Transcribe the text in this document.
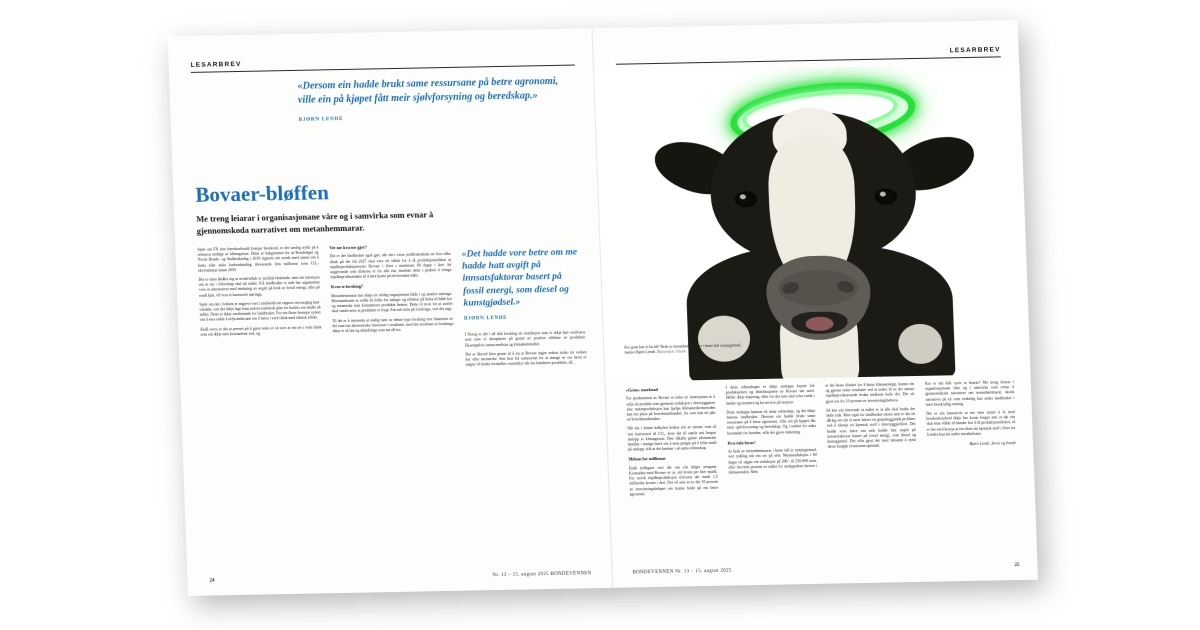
LESARBREV
«Dersom ein hadde brukt same ressursane på betre agronomi, ville ein på kjøpet fått meir sjølvforsyning og beredskap.»
BJØRN LENDE
Bovaer-bløffen
Me treng leiarar i organisasjonane våre og i samvirka som evnar å gjennomskoda narrativet om metanhemmarar.

Sjølv om FN sine bærekraftsmål fremjar berekraft, er det særleg trykk på å redusera utslepp av klimagassar. Dette er bakgrunnen for at Bondelaget og Norsk Bonde- og Småbrukarlag i 2019 signerte ein avtale med staten om å kutta eller auka karbonbinding tilsvarande fem millionar tonn CO₂-ekvivalentar innan 2030.

Det er enno åmåka seg at avtalevilkår er juridisk bindande, men ein intensjon om at ein i fellesskap skal nå målet. Frå landbruket si side har argumentet vore at alternativet med innføring av avgift på bruk av fossil energi, eller på raudt kjøt, vil vera ei katastrofe næringa.

Sjølv om det i forkant er angjeve vart i utarbeidd ein rapport om mogleg kutt-område, vart det ikkje lagt fram nokon realistisk plan for korleis ein skulle nå målet. Dette er ikkje einsbetande for landbruket. For ein fleire bransjar synest om å vera enkle å selja ambisane om å betra i verk tiltak med faktisk effekt.

Endå verre er det at presset på å gjera noko er så stort at ein ter i verk tiltak som ein ikkje ener kostnadene ved, og.

Vet me kva me gjer?

Det er det landbruket også gjer, når ein i visse jordbruksskala ser kva slike tiltak på det frå 2027 skal vera eit vilkår for å få produksjonstilskot at mjølkeproduksjonsytar Bovaer i fôret i minimum 60 dagar i året. Så angjevande som tilskotet er for alle ein, innebær dette i praksis å tvinga mjølkeprodusentane til å føra kyrne på ein bestemt måte.

Kven si forsking?

Metanhemmarar har skapt eit veldig engasjement både i og utanfor næringa. Motstandarane er redde til risiko for uskapt- og effektar på helsa til både kyr og menneska som konsumerer produkta hennar. Dette til trost for at stoffet skal vanda seier at produktet er trygt. Ein må stola på forskinga, vert det sagt.

Til det er å innvenda at stadig meir av denne typa forsking vert finansiert av dei som har økonomiske interesser i resultatet, med det resultatet at forskinga ikkje er så lite og uhindringa som me all tru.

«Det hadde vore betre om me hadde hatt avgift på innsatsfaktorar basert på fossil energi, som diesel og kunstgjødsel.»
BJØRN LENDE

I Noreg er det i all slik forsking eit restriksjon som vi ikkje kan verifisera, som som vi akseptterer på grunn av positive effektar av produktet. Eksempelvis innan medisin og klimahemmidtel.

Det er likevel liten grunn til å tru at Bovaer utgjer nokon risiko for verken kyr eller menneske. Sett bort frå somnsynst for at mange av oss berre er nøgne vil bruka forskelles vernetiltyr når me handterer produktet, då...

24
Nr. 13 – 15. august 2025 BONDEVENNEN
LESARBREV
Kor grøn kan ei ku bli? Bruk av metanhemmarar er i beste fall symjegjetnad, meiner Bjørn Lende. Illustrasjon: Ishtok

«Grøn» marknad

For produsenten av Bovaer er noko av intensjonen at å selja eit produkt som gjennom reduksjon i drøvtyggjaren sine metanproduksjon kan hjelpa klimamerketmetoden kan ein plass på kverdsmarknaden, for som kan eit jakt eit kverdsmarknaden.

Når ein i denne kalkylen brukar eitt av metan, som så vert konvertert til CO₂, ferer det til samla sett haspar utslepp er klimagassar. Den såkalla grøne økonomien handlar i mange høve om å tena pengar på å fylta rundt på utslepp, slik at dei kanmar i eit anna rekneskap.

Mekan for millionar

Endå tydlegare vert det om ein følger pengane. Kostnaden med Bovaer er ca. ein krone per liter mjølk. For norsk mjølkeproduksjon tilsvarar det rundt 1,5 milliardar kroner i året. Det vil seie at av dei 10 prosent av investeringsbeløpet ein kunne brukt på ein betre agronomi.

I dette rekneskapet er ikkje utsleppa knytte frå produksjonen og distribusjonen av Bovaer tatt med. Heller ikkje dopering, eller for dei som skal reisa rundt i landet og montera og ha service på utstyret.

Dette utsleppa hamnar eit anna rekneskap, og det ikkje bøtesta landbruket. Dersom ein hadde brukt same ressursane på å betre agronomi, ville ein på kjøpet fått meir sjølvforsyning og beredskap. Og i staden for auka kostnader for bonden, ville dei gjeve inntening.

Kva tula forar!

At bruk av metanhemmarar i beste fall er symjegjetnad, vert tydeleg når ein ser på sela. Metanreduksjon i 60 dagar vil utgjer ein reduksjon på 200– til 250.000 tonn, eller fire-fem prosent av målet for utsleppskutt føreset i klimaavtalen. Men

er det beste tiltaket for å kutta klimautslepp, kunne ein og gjerast same resultatet ved at nokre få av dei største mjølkeproduserande bruka midlaste heile dei. Dei vil gjort oss for 10 prosent av investeringsbehova.

Så kan ein innvende at målet er at alle skal bruka det helle tida. Men også for landbruket eksist antt er det eit dårleg om ein ei meir løyser eit grunnleggjande problem ved å tilsetja eit kjemisk stoff i drøvtyggjarfôret. Det hadde vore betre om mdi hadde hatt avgift på innsatsfaktorar basert på fossil energi, som diesel og kunstgjødsel. Det ville gjort det meir lønsamt å nytta desse knappe ressursane optimalt.

Kor er dei klår syrte te leiarar? Me treng leiarar i organisasjonane våre og i samvirka som evnar å gjennomskoda narrativet om metanhemmarar, skoda narrativet på eit som verkeleg kan endre landbruket i meir berekraftig retning.

Det er ein katastrofe at me etter minst ti år med berekraftsarbeid ikkje har kome lenger enn at når ein skal eitta vilkår til bønder fire å få produksjonstilskot, så er det verd kravja at ein tilset ein kjemisk stoff i fôret for å endra kua sin unike metabolisme.

Bjørn Lende, lærar og bonde

25
BONDEVENNEN Nr. 13 – 15. august 2025
